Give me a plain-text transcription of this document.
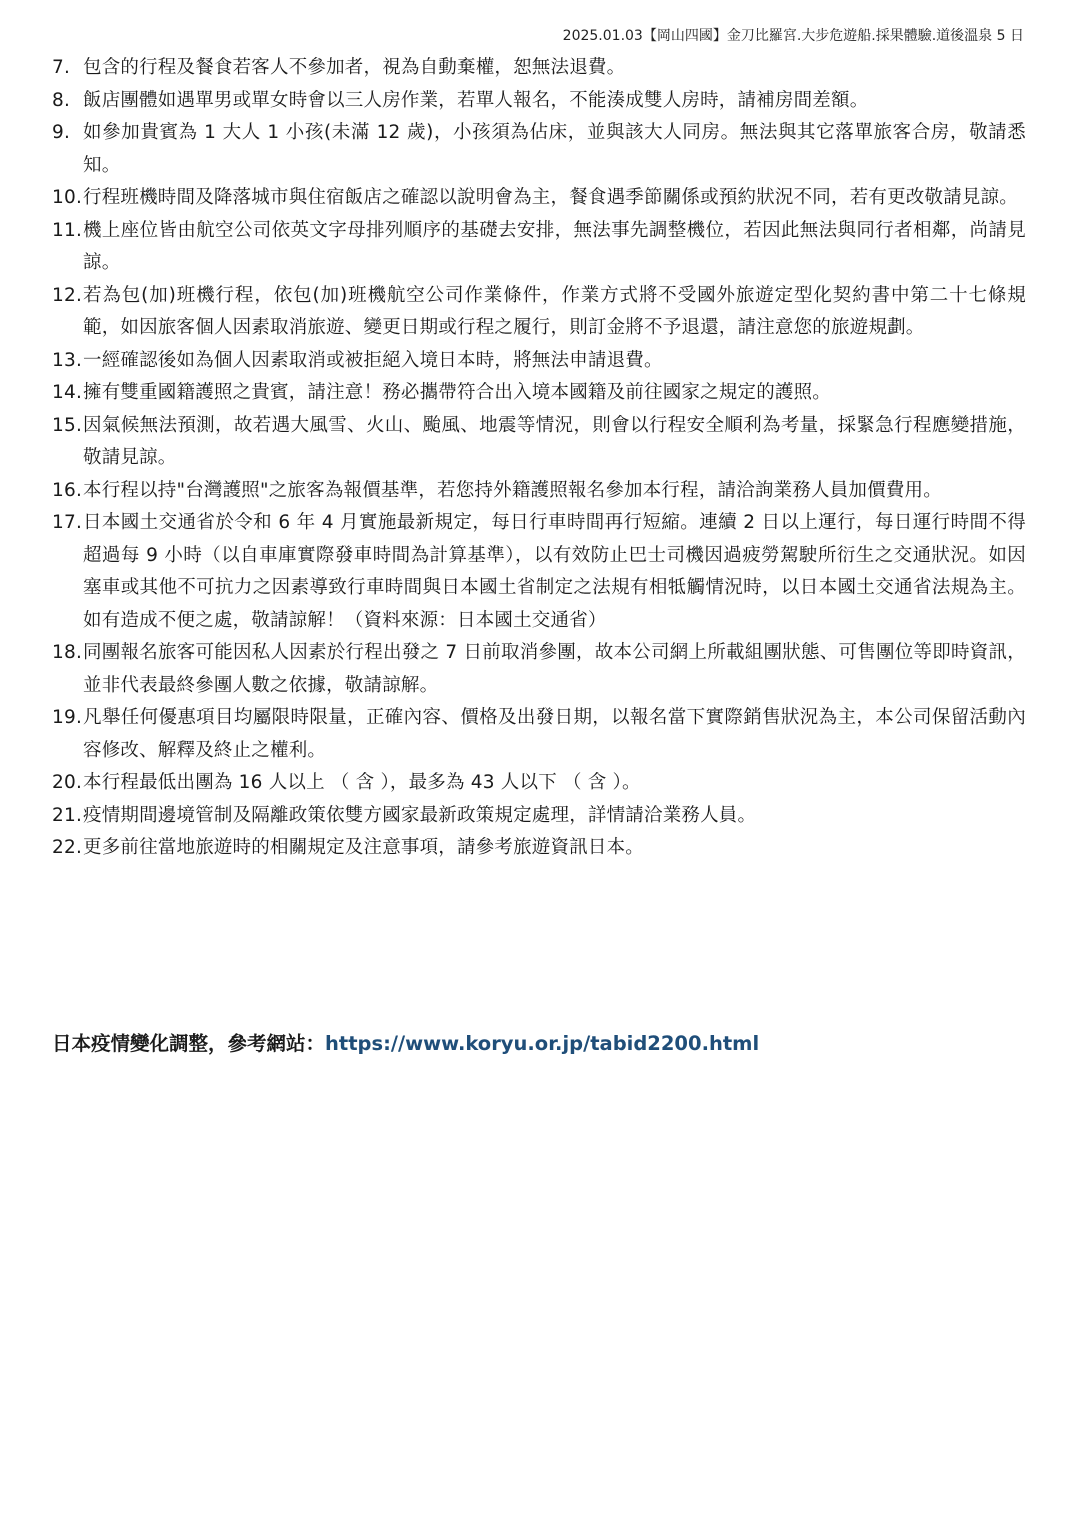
2025.01.03【岡山四國】金刀比羅宮.大步危遊船.採果體驗.道後溫泉 5 日
7. 包含的行程及餐食若客人不參加者，視為自動棄權，恕無法退費。
8. 飯店團體如遇單男或單女時會以三人房作業，若單人報名，不能湊成雙人房時，請補房間差額。
9. 如參加貴賓為 1 大人 1 小孩(未滿 12 歲)，小孩須為佔床，並與該大人同房。無法與其它落單旅客合房，敬請悉知。
10. 行程班機時間及降落城市與住宿飯店之確認以說明會為主，餐食遇季節關係或預約狀況不同，若有更改敬請見諒。
11. 機上座位皆由航空公司依英文字母排列順序的基礎去安排，無法事先調整機位，若因此無法與同行者相鄰，尚請見諒。
12. 若為包(加)班機行程，依包(加)班機航空公司作業條件，作業方式將不受國外旅遊定型化契約書中第二十七條規範，如因旅客個人因素取消旅遊、變更日期或行程之履行，則訂金將不予退還，請注意您的旅遊規劃。
13. 一經確認後如為個人因素取消或被拒絕入境日本時，將無法申請退費。
14. 擁有雙重國籍護照之貴賓，請注意！務必攜帶符合出入境本國籍及前往國家之規定的護照。
15. 因氣候無法預測，故若遇大風雪、火山、颱風、地震等情況，則會以行程安全順利為考量，採緊急行程應變措施，敬請見諒。
16. 本行程以持"台灣護照"之旅客為報價基準，若您持外籍護照報名參加本行程，請洽詢業務人員加價費用。
17. 日本國土交通省於令和 6 年 4 月實施最新規定，每日行車時間再行短縮。連續 2 日以上運行，每日運行時間不得超過每 9 小時（以自車庫實際發車時間為計算基準），以有效防止巴士司機因過疲勞駕駛所衍生之交通狀況。如因塞車或其他不可抗力之因素導致行車時間與日本國土省制定之法規有相牴觸情況時，以日本國土交通省法規為主。如有造成不便之處，敬請諒解！（資料來源：日本國土交通省）
18. 同團報名旅客可能因私人因素於行程出發之 7 日前取消參團，故本公司網上所載組團狀態、可售團位等即時資訊，並非代表最終參團人數之依據，敬請諒解。
19. 凡舉任何優惠項目均屬限時限量，正確內容、價格及出發日期，以報名當下實際銷售狀況為主，本公司保留活動內容修改、解釋及終止之權利。
20. 本行程最低出團為 16 人以上 （ 含 ），最多為 43 人以下 （ 含 ）。
21. 疫情期間邊境管制及隔離政策依雙方國家最新政策規定處理，詳情請洽業務人員。
22. 更多前往當地旅遊時的相關規定及注意事項，請參考旅遊資訊日本。
日本疫情變化調整，參考網站：https://www.koryu.or.jp/tabid2200.html
